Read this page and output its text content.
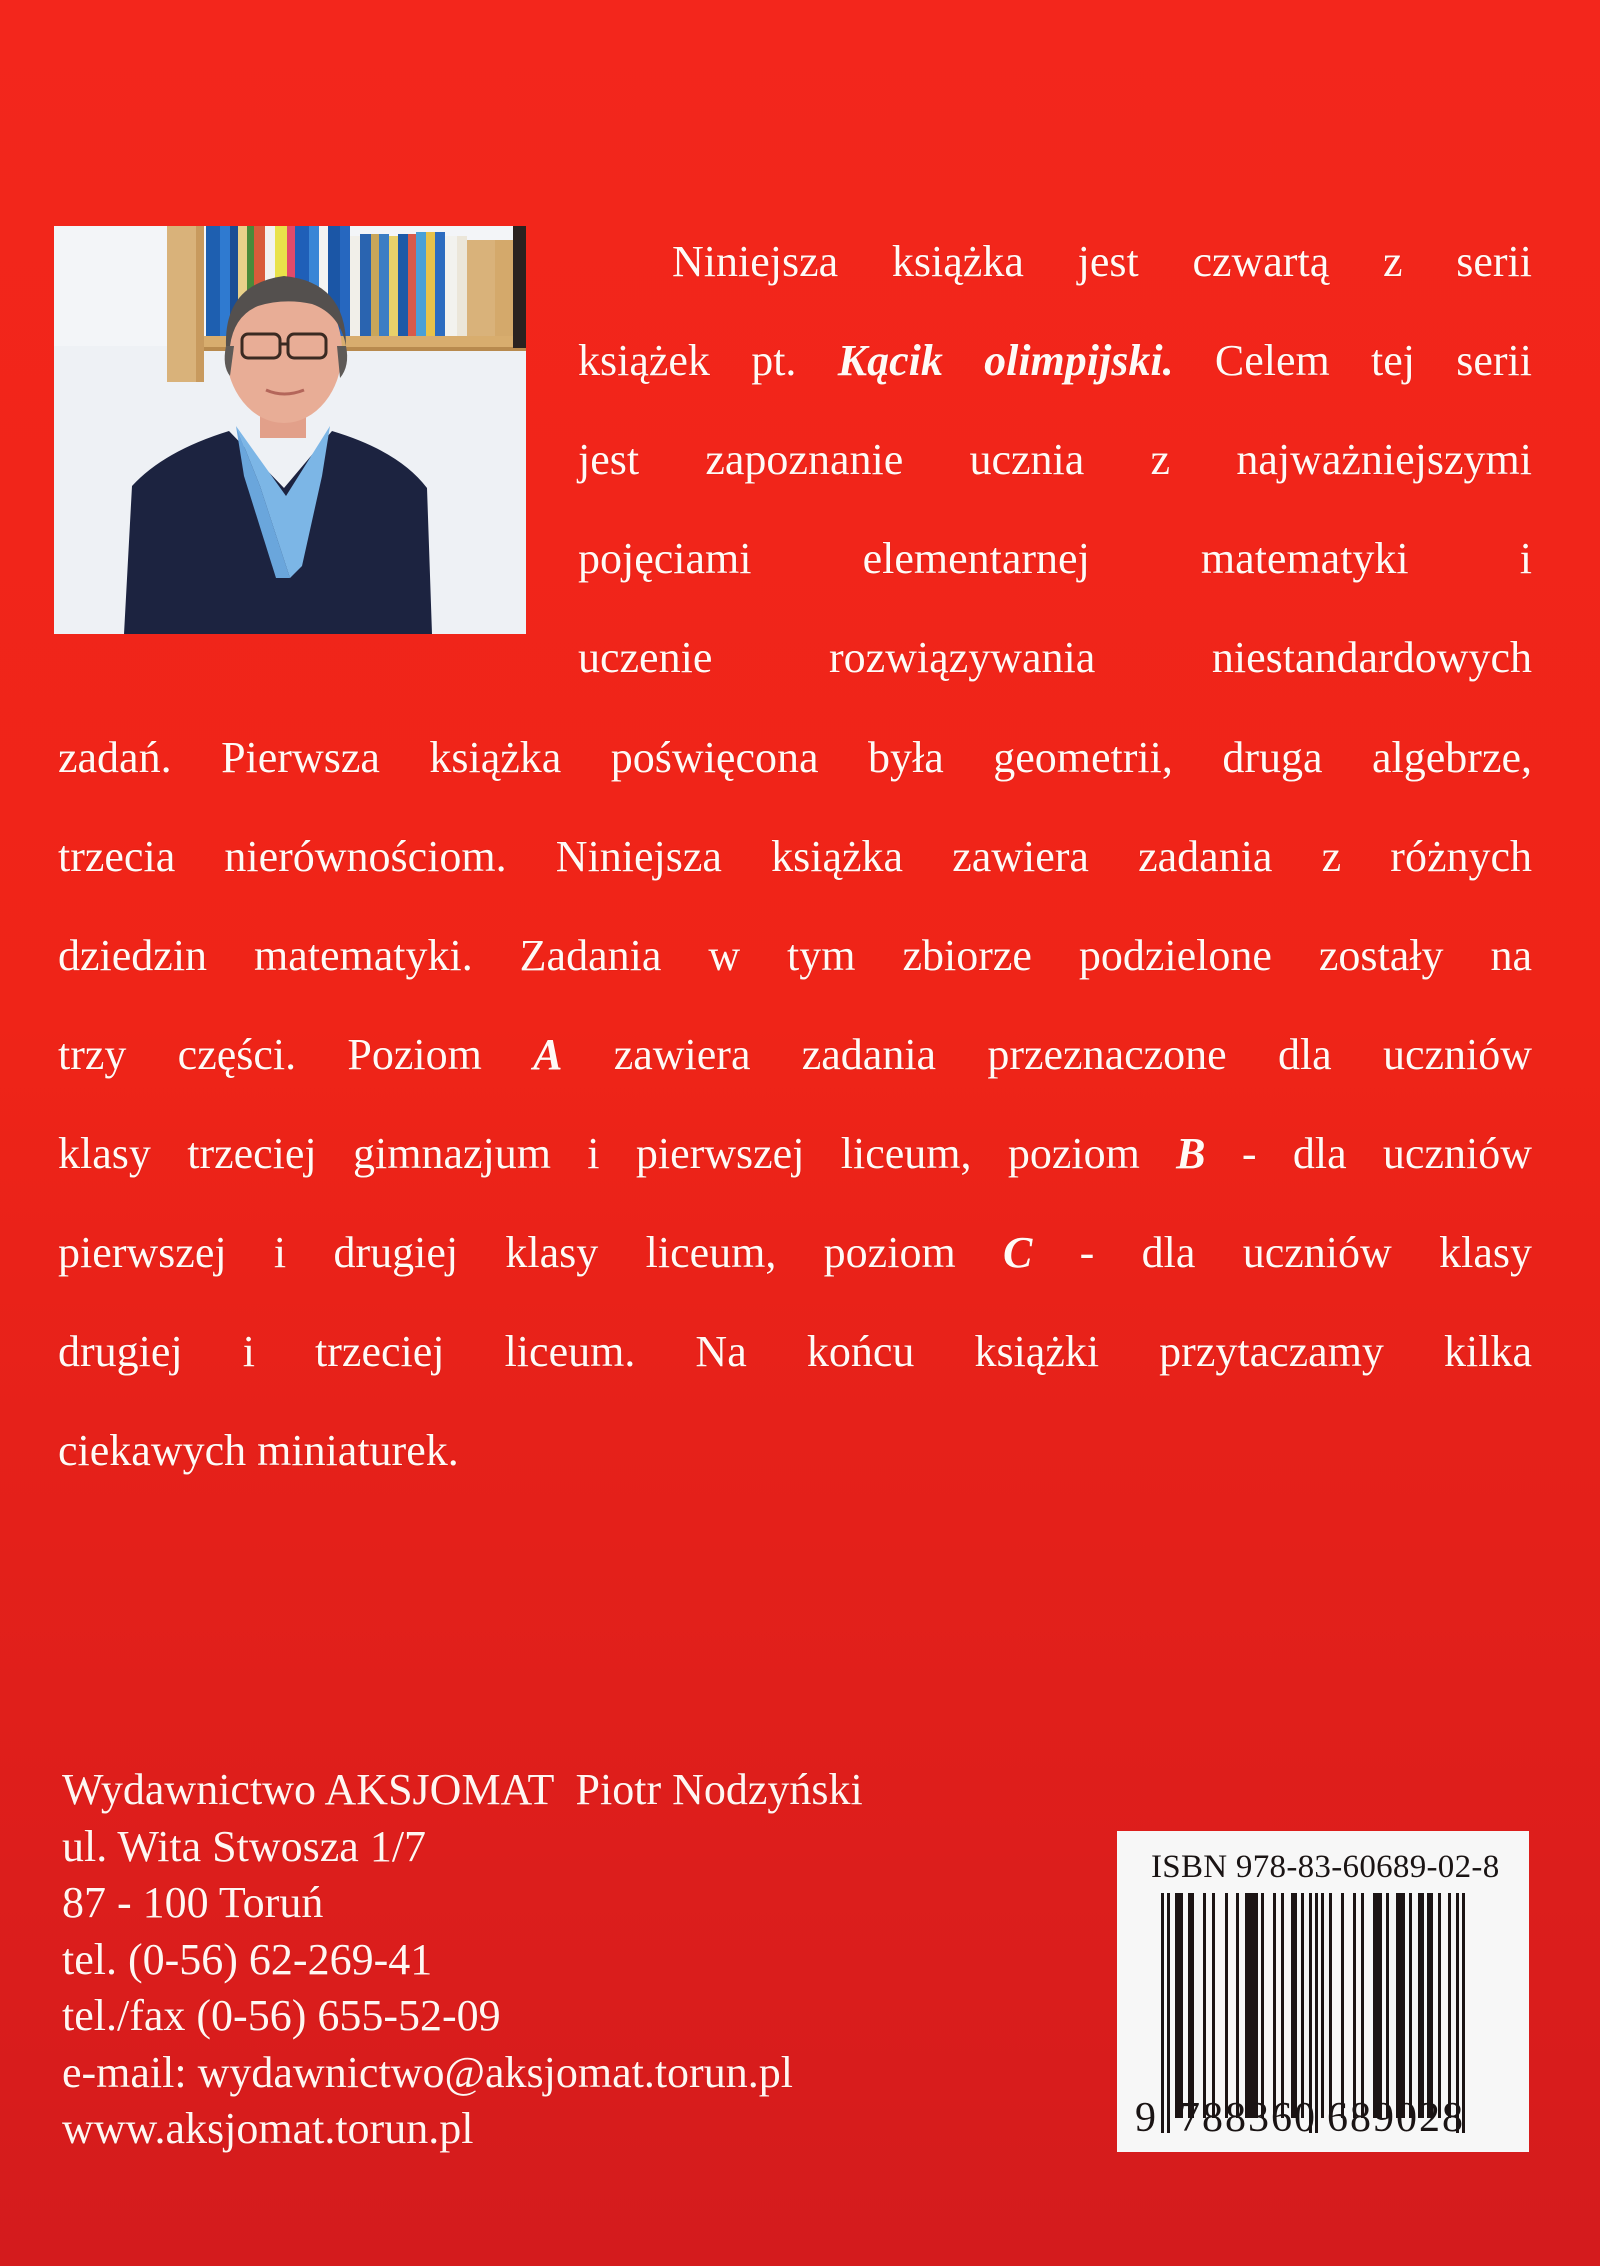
Niniejsza książka jest czwartą z serii
książek pt. Kącik olimpijski. Celem tej serii
jest zapoznanie ucznia z najważniejszymi
pojęciami elementarnej matematyki i
uczenie rozwiązywania niestandardowych
zadań. Pierwsza książka poświęcona była geometrii, druga algebrze,
trzecia nierównościom. Niniejsza książka zawiera zadania z różnych
dziedzin matematyki. Zadania w tym zbiorze podzielone zostały na
trzy części. Poziom A zawiera zadania przeznaczone dla uczniów
klasy trzeciej gimnazjum i pierwszej liceum, poziom B - dla uczniów
pierwszej i drugiej klasy liceum, poziom C - dla uczniów klasy
drugiej i trzeciej liceum. Na końcu książki przytaczamy kilka
ciekawych miniaturek.
Wydawnictwo AKSJOMAT  Piotr Nodzyński
ul. Wita Stwosza 1/7
87 - 100 Toruń
tel. (0-56) 62-269-41
tel./fax (0-56) 655-52-09
e-mail: wydawnictwo@aksjomat.torun.pl
www.aksjomat.torun.pl
ISBN 978-83-60689-02-8
9 788360 689028
